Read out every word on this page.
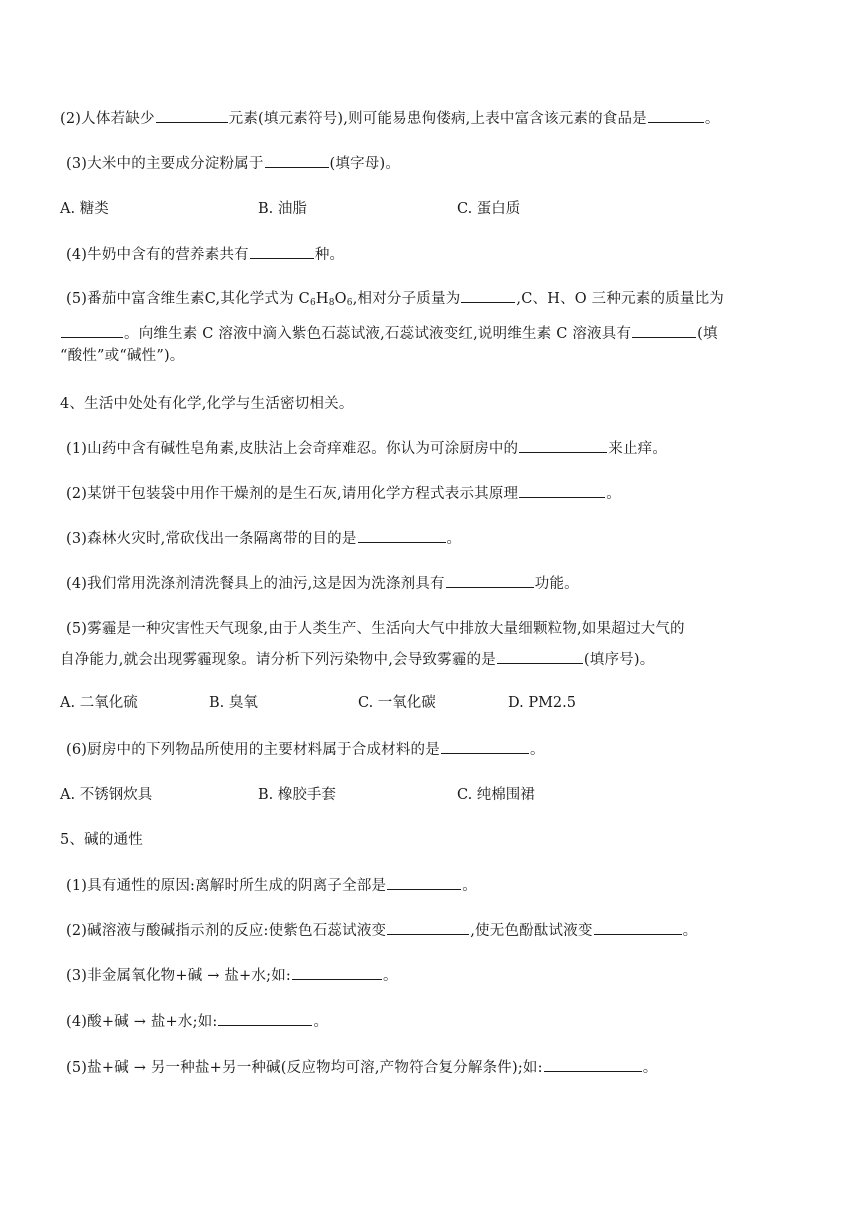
(2)人体若缺少	元素(填元素符号),则可能易患佝偻病,上表中富含该元素的食品是	。
(3)大米中的主要成分淀粉属于	(填字母)。
A. 糖类	B. 油脂	C. 蛋白质
(4)牛奶中含有的营养素共有	种。
(5)番茄中富含维生素C,其化学式为 $C_6H_8O_6$,相对分子质量为	,C、H、O 三种元素的质量比为
。向维生素 C 溶液中滴入紫色石蕊试液,石蕊试液变红,说明维生素 C 溶液具有	(填
“酸性”或“碱性”)。
4、生活中处处有化学,化学与生活密切相关。
(1)山药中含有碱性皂角素,皮肤沾上会奇痒难忍。你认为可涂厨房中的	来止痒。
(2)某饼干包装袋中用作干燥剂的是生石灰,请用化学方程式表示其原理	。
(3)森林火灾时,常砍伐出一条隔离带的目的是	。
(4)我们常用洗涤剂清洗餐具上的油污,这是因为洗涤剂具有	功能。
(5)雾霾是一种灾害性天气现象,由于人类生产、生活向大气中排放大量细颗粒物,如果超过大气的
自净能力,就会出现雾霾现象。请分析下列污染物中,会导致雾霾的是	(填序号)。
A. 二氧化硫	B. 臭氧	C. 一氧化碳	D. PM2.5
(6)厨房中的下列物品所使用的主要材料属于合成材料的是	。
A. 不锈钢炊具	B. 橡胶手套	C. 纯棉围裙
5、碱的通性
(1)具有通性的原因:离解时所生成的阴离子全部是	。
(2)碱溶液与酸碱指示剂的反应:使紫色石蕊试液变	,使无色酚酞试液变	。
(3)非金属氧化物+碱 → 盐+水;如:	。
(4)酸+碱 → 盐+水;如:	。
(5)盐+碱 → 另一种盐+另一种碱(反应物均可溶,产物符合复分解条件);如:	。
